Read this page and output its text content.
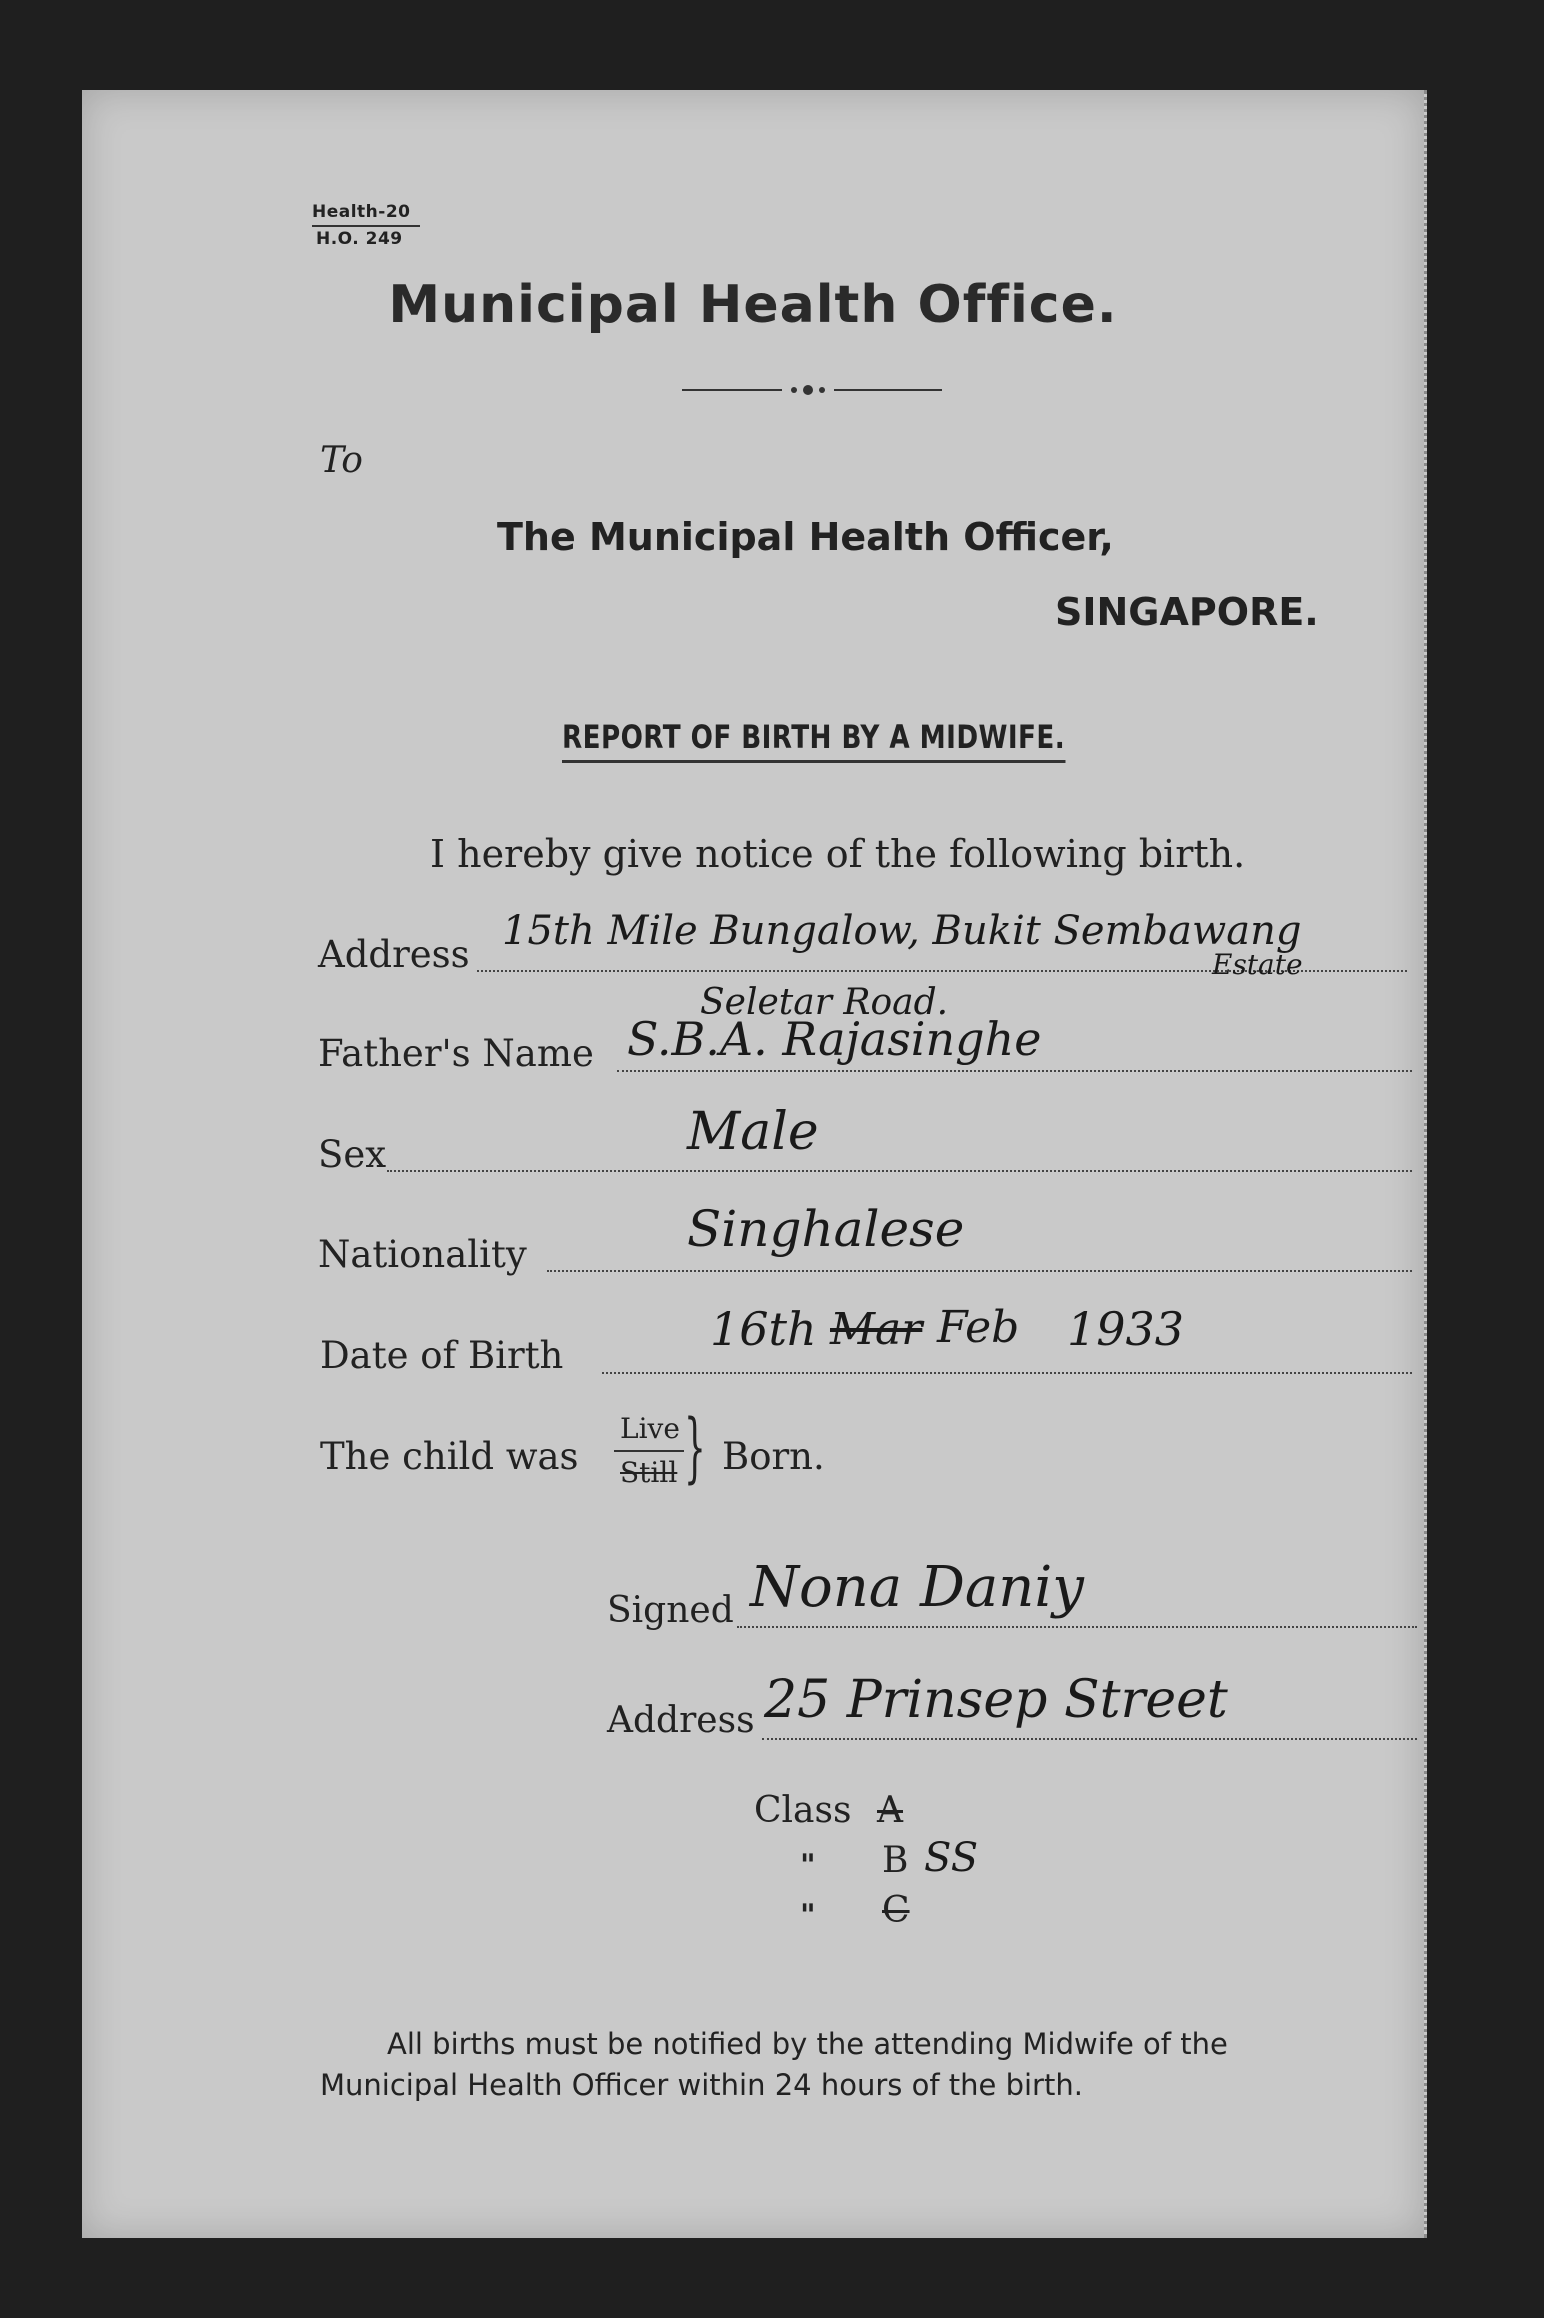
Health-20
H.O. 249
Municipal Health Office.
To
The Municipal Health Officer,
SINGAPORE.
REPORT OF BIRTH BY A MIDWIFE.
I hereby give notice of the following birth.
Address
15th Mile Bungalow, Bukit Sembawang
Estate
Seletar Road.
Father's Name S.B.A. Rajasinghe
Sex	Male
Nationality	Singhalese
Date of Birth	16th Mar Feb 1933
The child was
Live
Still } Born.
Signed Nona Daniy
Address 25 Prinsep Street
Class A
" B SS
" C
All births must be notified by the attending Midwife of the
Municipal Health Officer within 24 hours of the birth.
